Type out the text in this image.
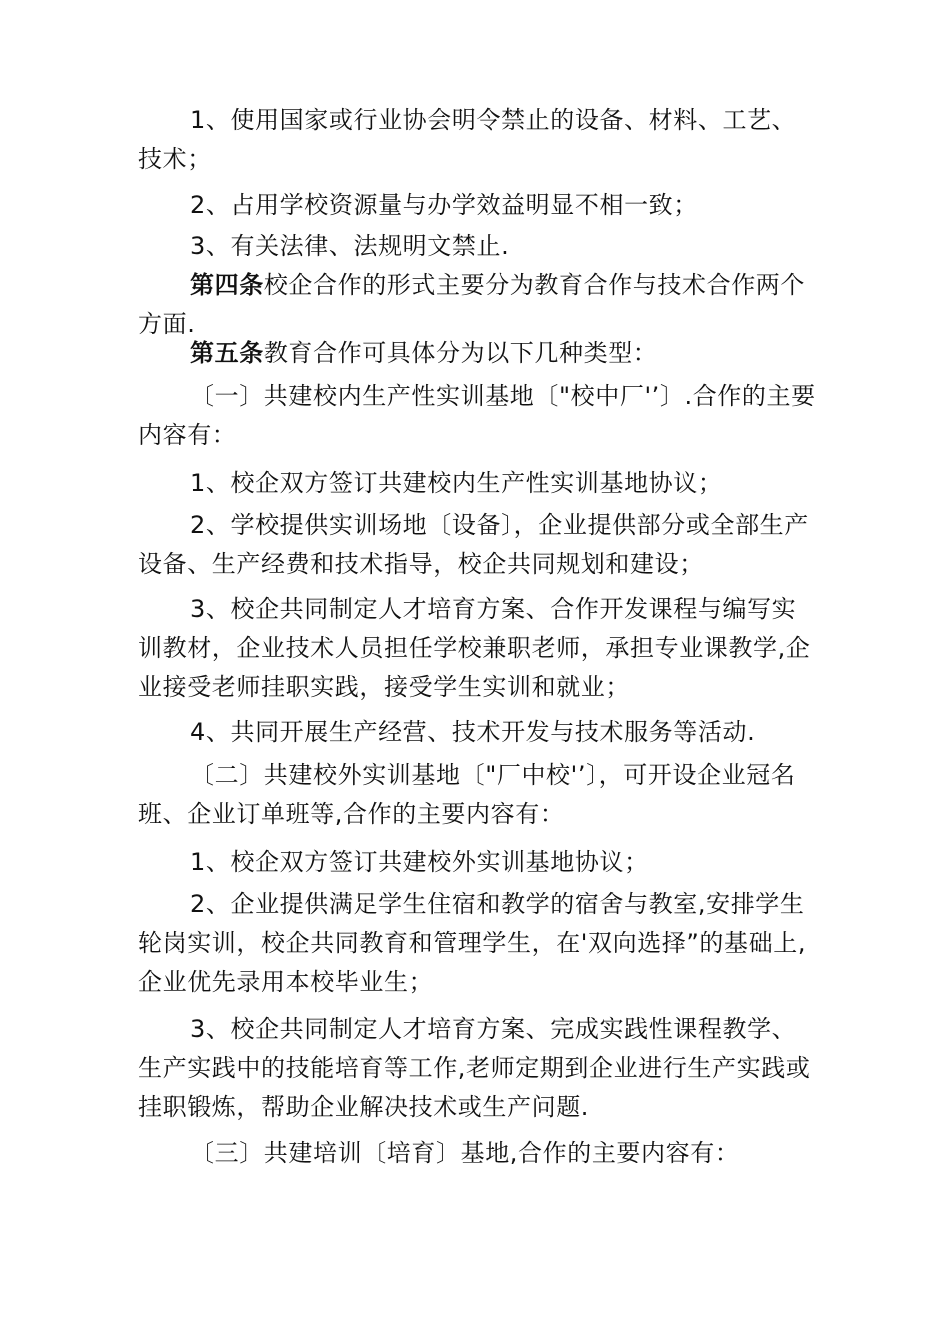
1、使用国家或行业协会明令禁止的设备、材料、工艺、技术；

2、占用学校资源量与办学效益明显不相一致；

3、有关法律、法规明文禁止.

第四条校企合作的形式主要分为教育合作与技术合作两个方面.

第五条教育合作可具体分为以下几种类型：

〔一〕共建校内生产性实训基地〔"校中厂'’〕.合作的主要内容有：

1、校企双方签订共建校内生产性实训基地协议；

2、学校提供实训场地〔设备〕，企业提供部分或全部生产设备、生产经费和技术指导，校企共同规划和建设；

3、校企共同制定人才培育方案、合作开发课程与编写实训教材，企业技术人员担任学校兼职老师，承担专业课教学,企业接受老师挂职实践，接受学生实训和就业；

4、共同开展生产经营、技术开发与技术服务等活动.

〔二〕共建校外实训基地〔"厂中校'’〕，可开设企业冠名班、企业订单班等,合作的主要内容有：

1、校企双方签订共建校外实训基地协议；

2、企业提供满足学生住宿和教学的宿舍与教室,安排学生轮岗实训，校企共同教育和管理学生，在'双向选择”的基础上,企业优先录用本校毕业生；

3、校企共同制定人才培育方案、完成实践性课程教学、生产实践中的技能培育等工作,老师定期到企业进行生产实践或挂职锻炼，帮助企业解决技术或生产问题.

〔三〕共建培训〔培育〕基地,合作的主要内容有：
